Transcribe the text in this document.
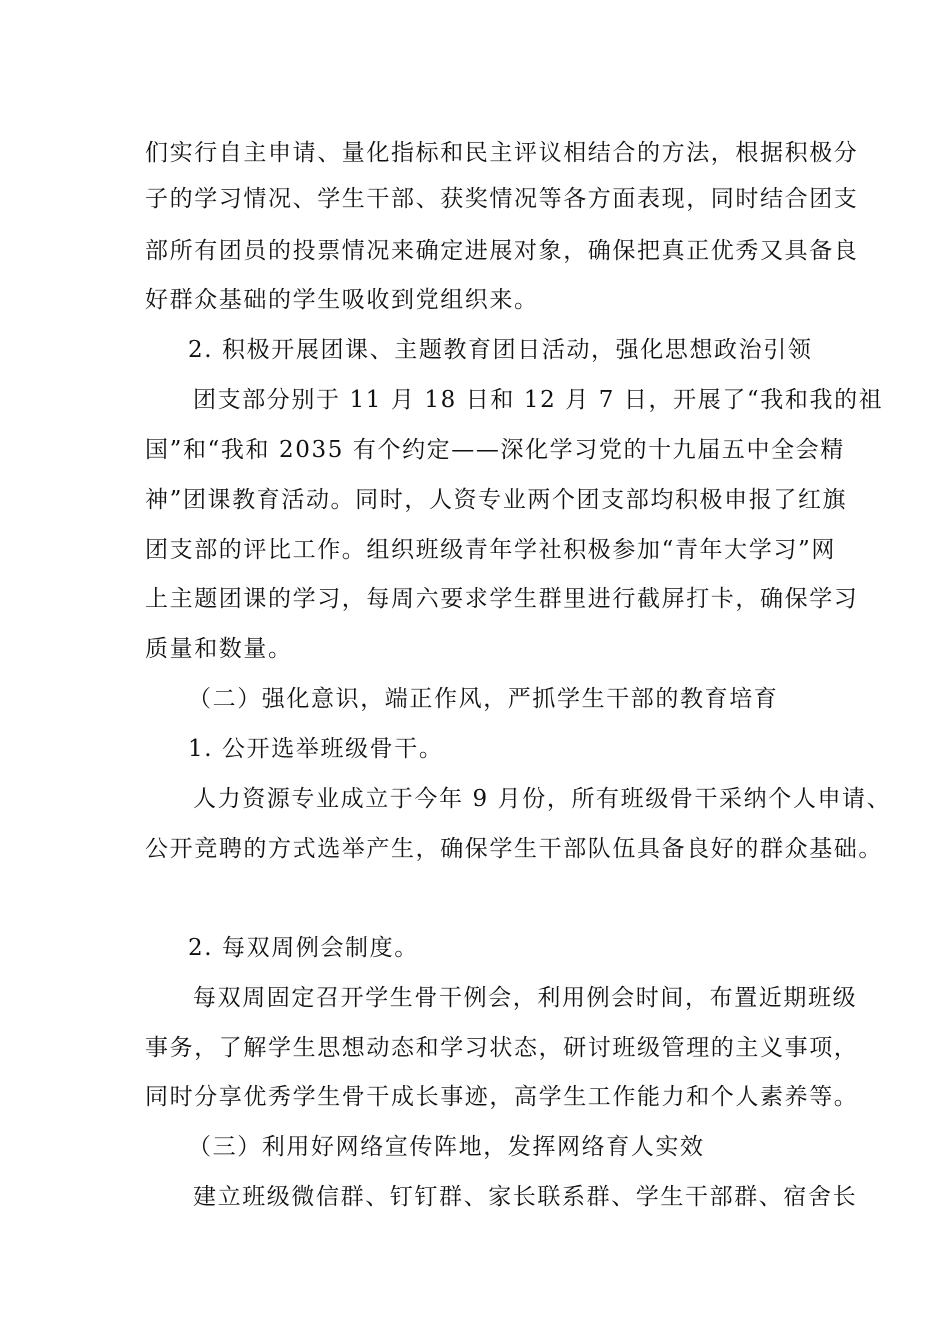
们实行自主申请、量化指标和民主评议相结合的方法，根据积极分
子的学习情况、学生干部、获奖情况等各方面表现，同时结合团支
部所有团员的投票情况来确定进展对象，确保把真正优秀又具备良
好群众基础的学生吸收到党组织来。
2. 积极开展团课、主题教育团日活动，强化思想政治引领
团支部分别于 11 月 18 日和 12 月 7 日，开展了“我和我的祖
国”和“我和 2035 有个约定——深化学习党的十九届五中全会精
神”团课教育活动。同时，人资专业两个团支部均积极申报了红旗
团支部的评比工作。组织班级青年学社积极参加“青年大学习”网
上主题团课的学习，每周六要求学生群里进行截屏打卡，确保学习
质量和数量。
（二）强化意识，端正作风，严抓学生干部的教育培育
1. 公开选举班级骨干。
人力资源专业成立于今年 9 月份，所有班级骨干采纳个人申请、
公开竞聘的方式选举产生，确保学生干部队伍具备良好的群众基础。
2. 每双周例会制度。
每双周固定召开学生骨干例会，利用例会时间，布置近期班级
事务，了解学生思想动态和学习状态，研讨班级管理的主义事项，
同时分享优秀学生骨干成长事迹，高学生工作能力和个人素养等。
（三）利用好网络宣传阵地，发挥网络育人实效
建立班级微信群、钉钉群、家长联系群、学生干部群、宿舍长
